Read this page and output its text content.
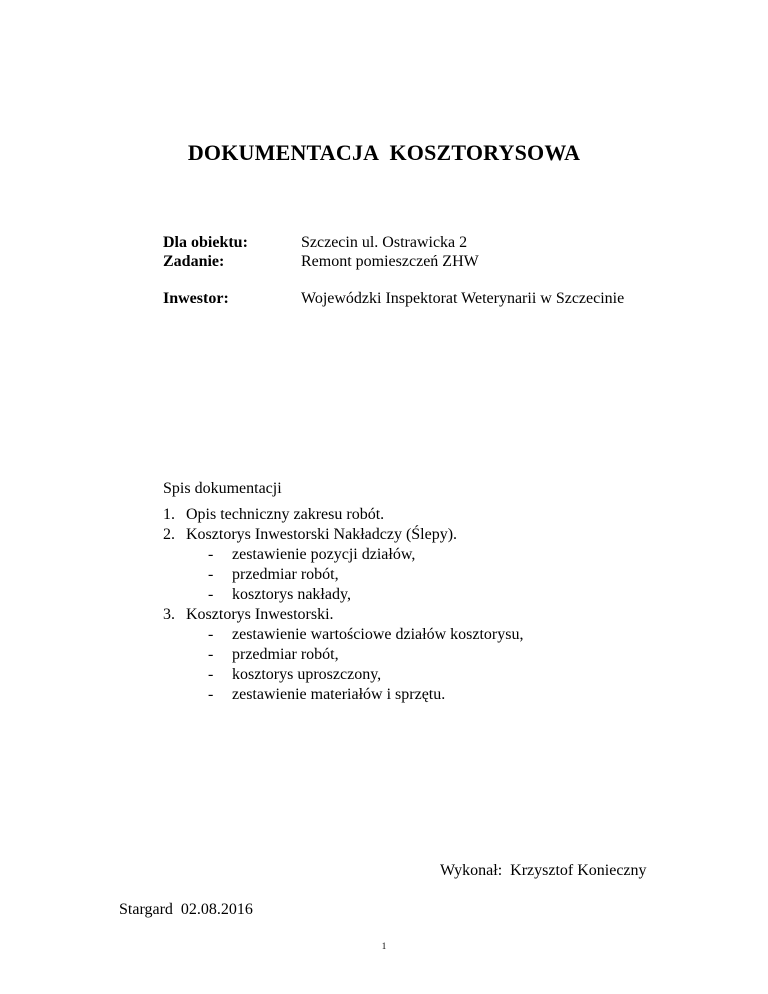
DOKUMENTACJA  KOSZTORYSOWA
Dla obiektu:	Szczecin ul. Ostrawicka 2
Zadanie:	Remont pomieszczeń ZHW
Inwestor:	Wojewódzki Inspektorat Weterynarii w Szczecinie
Spis dokumentacji
1. Opis techniczny zakresu robót.
2. Kosztorys Inwestorski Nakładczy (Ślepy).
- zestawienie pozycji działów,
- przedmiar robót,
- kosztorys nakłady,
3. Kosztorys Inwestorski.
- zestawienie wartościowe działów kosztorysu,
- przedmiar robót,
- kosztorys uproszczony,
- zestawienie materiałów i sprzętu.
Wykonał:  Krzysztof Konieczny
Stargard  02.08.2016
1
